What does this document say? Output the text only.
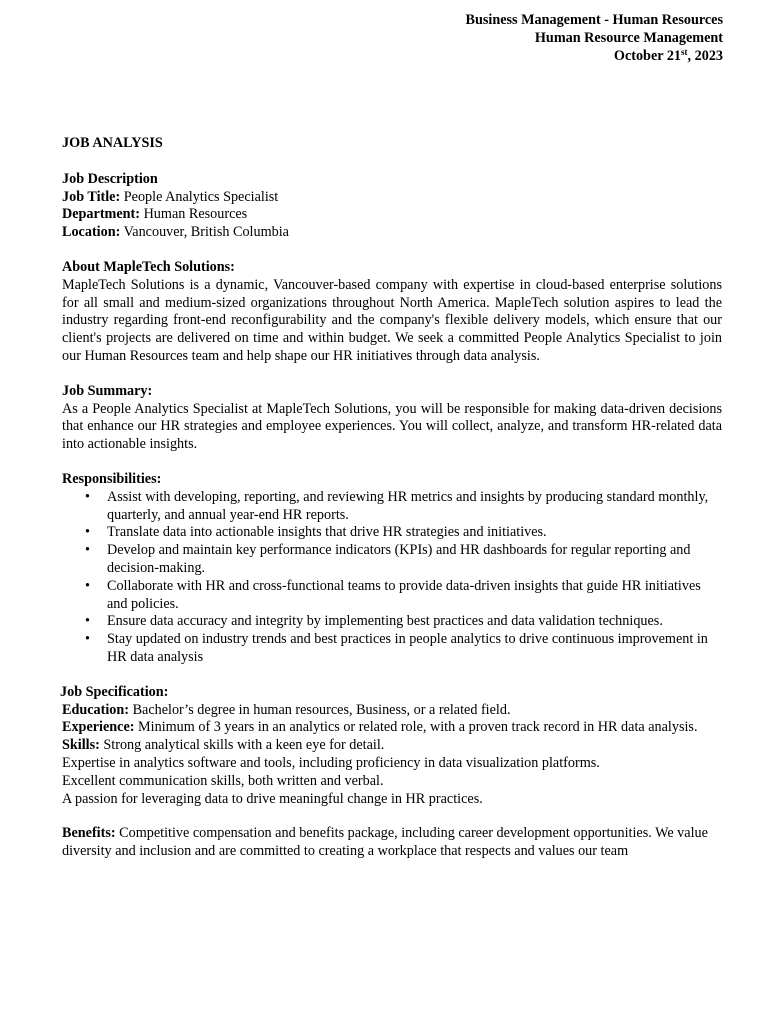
Business Management - Human Resources
Human Resource Management
October 21st, 2023
JOB ANALYSIS
Job Description
Job Title: People Analytics Specialist
Department: Human Resources
Location: Vancouver, British Columbia
About MapleTech Solutions:

MapleTech Solutions is a dynamic, Vancouver-based company with expertise in cloud-based enterprise solutions for all small and medium-sized organizations throughout North America. MapleTech solution aspires to lead the industry regarding front-end reconfigurability and the company's flexible delivery models, which ensure that our client's projects are delivered on time and within budget. We seek a committed People Analytics Specialist to join our Human Resources team and help shape our HR initiatives through data analysis.

Job Summary:

As a People Analytics Specialist at MapleTech Solutions, you will be responsible for making data-driven decisions that enhance our HR strategies and employee experiences. You will collect, analyze, and transform HR-related data into actionable insights.

Responsibilities:
• Assist with developing, reporting, and reviewing HR metrics and insights by producing standard monthly, quarterly, and annual year-end HR reports.
• Translate data into actionable insights that drive HR strategies and initiatives.
• Develop and maintain key performance indicators (KPIs) and HR dashboards for regular reporting and decision-making.
• Collaborate with HR and cross-functional teams to provide data-driven insights that guide HR initiatives and policies.
• Ensure data accuracy and integrity by implementing best practices and data validation techniques.
• Stay updated on industry trends and best practices in people analytics to drive continuous improvement in HR data analysis
Job Specification:
Education: Bachelor’s degree in human resources, Business, or a related field.
Experience: Minimum of 3 years in an analytics or related role, with a proven track record in HR data analysis.
Skills: Strong analytical skills with a keen eye for detail.
Expertise in analytics software and tools, including proficiency in data visualization platforms.
Excellent communication skills, both written and verbal.
A passion for leveraging data to drive meaningful change in HR practices.

Benefits: Competitive compensation and benefits package, including career development opportunities. We value diversity and inclusion and are committed to creating a workplace that respects and values our team
